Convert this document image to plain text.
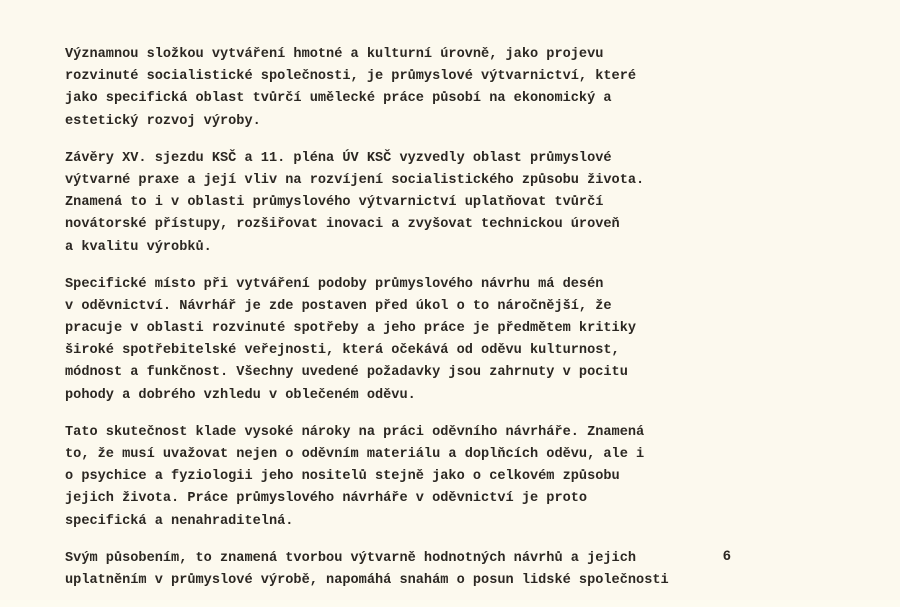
Významnou složkou vytváření hmotné a kulturní úrovně, jako projevu
rozvinuté socialistické společnosti, je průmyslové výtvarnictví, které
jako specifická oblast tvůrčí umělecké práce působí na ekonomický a
estetický rozvoj výroby.
Závěry XV. sjezdu KSČ a 11. pléna ÚV KSČ vyzvedly oblast průmyslové
výtvarné praxe a její vliv na rozvíjení socialistického způsobu života.
Znamená to i v oblasti průmyslového výtvarnictví uplatňovat tvůrčí
novátorské přístupy, rozšiřovat inovaci a zvyšovat technickou úroveň
a kvalitu výrobků.
Specifické místo při vytváření podoby průmyslového návrhu má desén
v oděvnictví. Návrhář je zde postaven před úkol o to náročnější, že
pracuje v oblasti rozvinuté spotřeby a jeho práce je předmětem kritiky
široké spotřebitelské veřejnosti, která očekává od oděvu kulturnost,
módnost a funkčnost. Všechny uvedené požadavky jsou zahrnuty v pocitu
pohody a dobrého vzhledu v oblečeném oděvu.
Tato skutečnost klade vysoké nároky na práci oděvního návrháře. Znamená
to, že musí uvažovat nejen o oděvním materiálu a doplňcích oděvu, ale i
o psychice a fyziologii jeho nositelů stejně jako o celkovém způsobu
jejich života. Práce průmyslového návrháře v oděvnictví je proto
specifická a nenahraditelná.
Svým působením, to znamená tvorbou výtvarně hodnotných návrhů a jejich
uplatněním v průmyslové výrobě, napomáhá snahám o posun lidské společnosti
6
